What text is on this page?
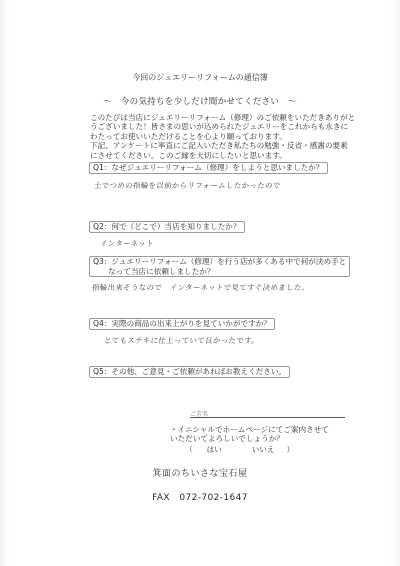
今回のジュエリーリフォームの通信簿
～　今の気持ちを少しだけ聞かせてください　～
このたびは当店にジュエリーリフォーム（修理）のご依頼をいただきありがと
うございました！皆さまの思いが込められたジュエリーをこれからも永きに
わたってお使いいただけることを心より願っております。
下記、アンケートに率直にご記入いただき私たちの勉強・反省・感謝の要素
にさせてください。このご縁を大切にしたいと思います。
Q1：なぜジュエリーリフォーム（修理）をしようと思いましたか？
土でつめの指輪を以前からリフォームしたかったので
Q2：何で（どこで）当店を知りましたか？
インターネット
Q3：ジュエリーリフォーム（修理）を行う店が多くある中で何が決め手と
　　なって当店に依頼しましたか？
指輪出来そうなので　インターネットで見てすぐ決めました。
Q4：実際の商品の出来上がりを見ていかがですか？
とてもステキに仕上っていて良かったです。
Q5：その他、ご意見・ご依頼があればお教えください。
ご芳名
・イニシャルでホームページにてご案内させて
いただいてよろしいでしょうか？
（ はい	いいえ ）
箕面のちいさな宝石屋
FAX　072-702-1647
